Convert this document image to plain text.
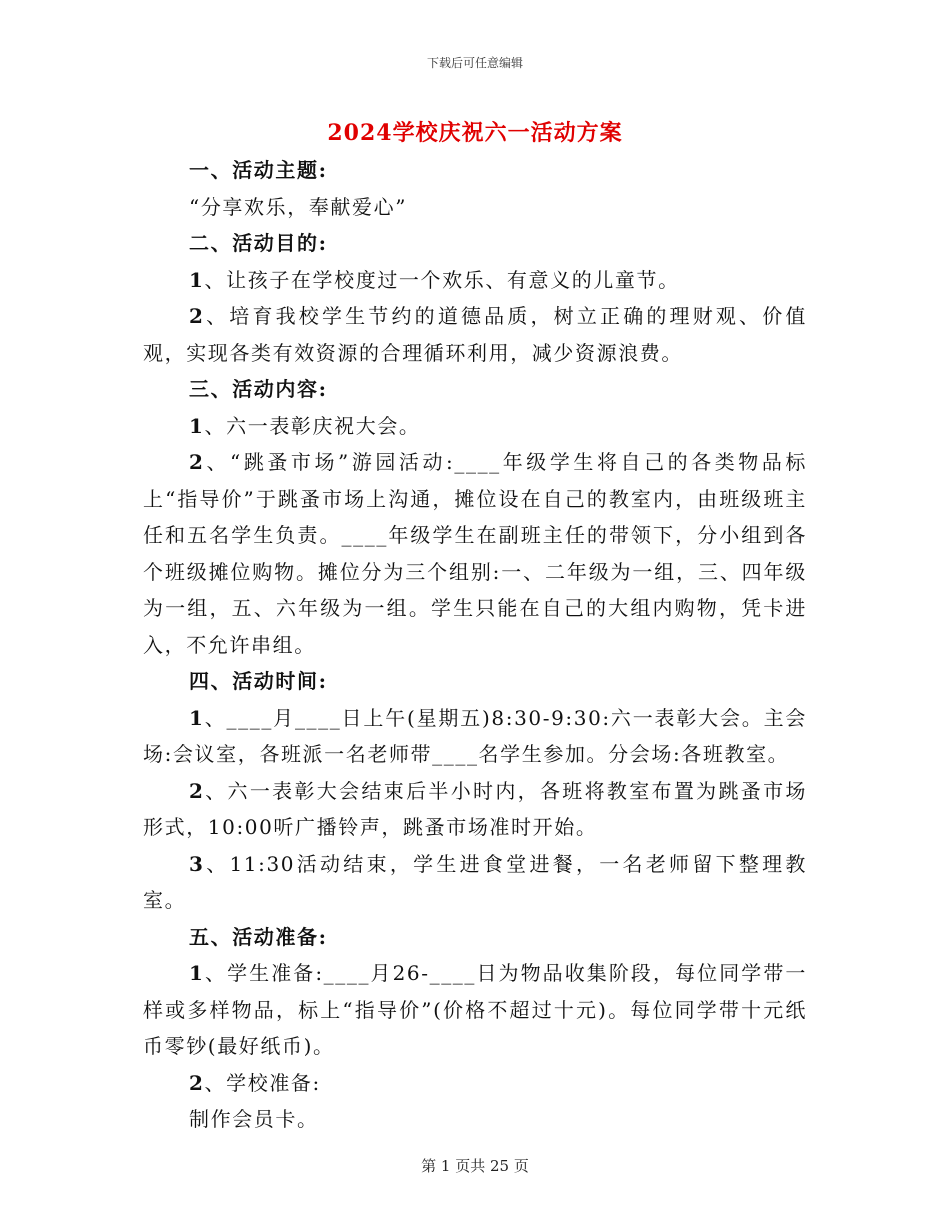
下载后可任意编辑
2024学校庆祝六一活动方案

一、活动主题:

“分享欢乐，奉献爱心”

二、活动目的:

1、让孩子在学校度过一个欢乐、有意义的儿童节。

2、培育我校学生节约的道德品质，树立正确的理财观、价值观，实现各类有效资源的合理循环利用，减少资源浪费。

三、活动内容:

1、六一表彰庆祝大会。

2、“跳蚤市场”游园活动:____年级学生将自己的各类物品标上“指导价”于跳蚤市场上沟通，摊位设在自己的教室内，由班级班主任和五名学生负责。____年级学生在副班主任的带领下，分小组到各个班级摊位购物。摊位分为三个组别:一、二年级为一组，三、四年级为一组，五、六年级为一组。学生只能在自己的大组内购物，凭卡进入，不允许串组。

四、活动时间:

1、____月____日上午(星期五)8:30-9:30:六一表彰大会。主会场:会议室，各班派一名老师带____名学生参加。分会场:各班教室。

2、六一表彰大会结束后半小时内，各班将教室布置为跳蚤市场形式，10:00听广播铃声，跳蚤市场准时开始。

3、11:30活动结束，学生进食堂进餐，一名老师留下整理教室。

五、活动准备:

1、学生准备:____月26-____日为物品收集阶段，每位同学带一样或多样物品，标上“指导价”(价格不超过十元)。每位同学带十元纸币零钞(最好纸币)。

2、学校准备:

制作会员卡。

第 1 页共 25 页
